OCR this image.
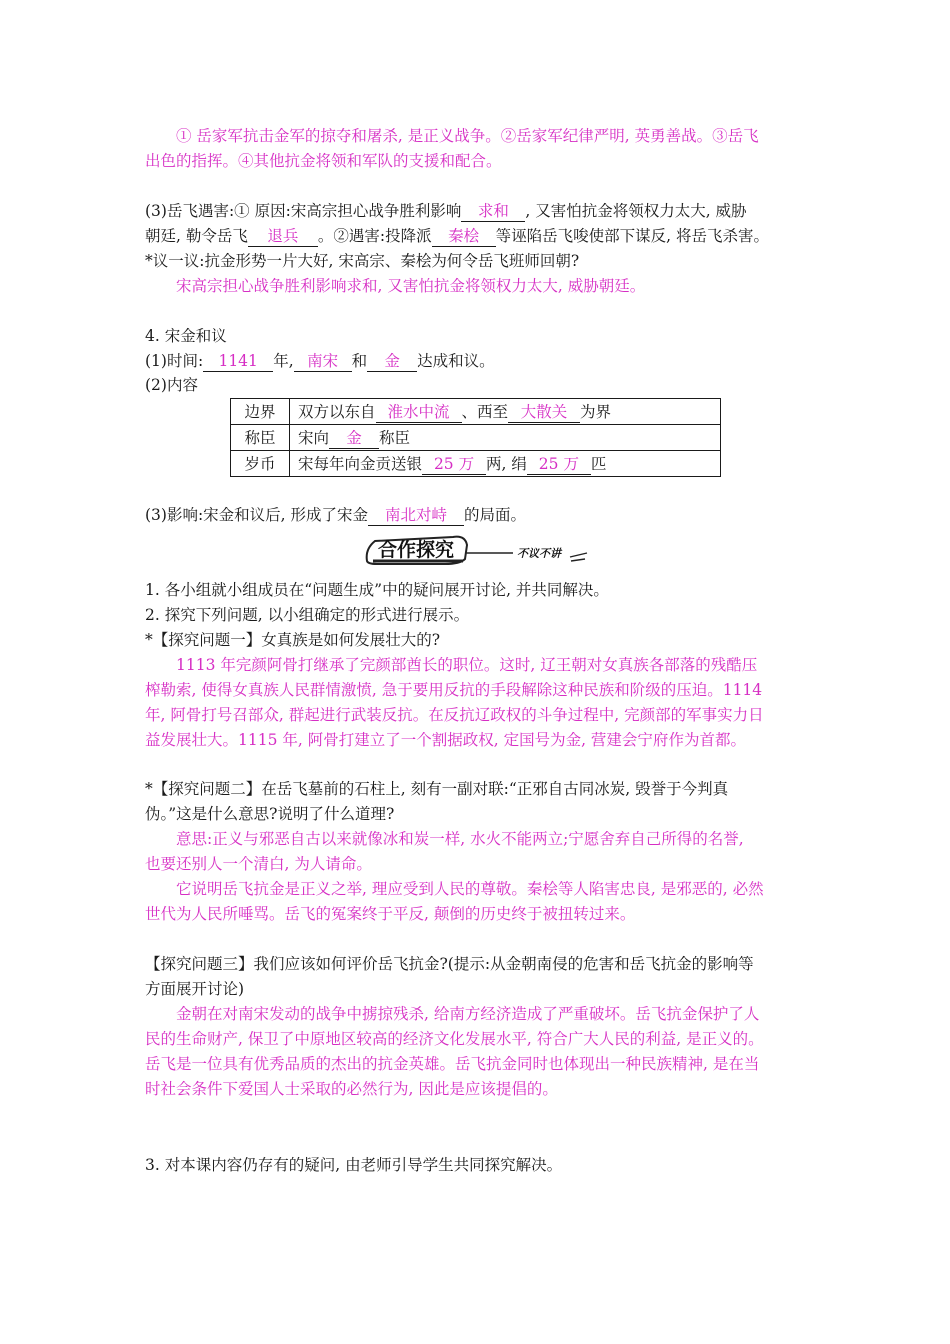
① 岳家军抗击金军的掠夺和屠杀, 是正义战争。②岳家军纪律严明, 英勇善战。③岳飞
出色的指挥。④其他抗金将领和军队的支援和配合。
(3)岳飞遇害:① 原因:宋高宗担心战争胜利影响 求和 , 又害怕抗金将领权力太大, 威胁
朝廷, 勒令岳飞 退兵 。②遇害:投降派 秦桧 等诬陷岳飞唆使部下谋反, 将岳飞杀害。
*议一议:抗金形势一片大好, 宋高宗、秦桧为何令岳飞班师回朝?
宋高宗担心战争胜利影响求和, 又害怕抗金将领权力太大, 威胁朝廷。
4. 宋金和议
(1)时间: 1141 年, 南宋 和 金 达成和议。
(2)内容
边界	双方以东自 淮水中流 、西至 大散关 为界
称臣	宋向 金 称臣
岁币	宋每年向金贡送银 25 万 两, 绢 25 万 匹
(3)影响:宋金和议后, 形成了宋金 南北对峙 的局面。
合作探究	不议不讲
1. 各小组就小组成员在“问题生成”中的疑问展开讨论, 并共同解决。
2. 探究下列问题, 以小组确定的形式进行展示。
*【探究问题一】女真族是如何发展壮大的?
1113 年完颜阿骨打继承了完颜部酋长的职位。这时, 辽王朝对女真族各部落的残酷压
榨勒索, 使得女真族人民群情激愤, 急于要用反抗的手段解除这种民族和阶级的压迫。1114
年, 阿骨打号召部众, 群起进行武装反抗。在反抗辽政权的斗争过程中, 完颜部的军事实力日
益发展壮大。1115 年, 阿骨打建立了一个割据政权, 定国号为金, 营建会宁府作为首都。
*【探究问题二】在岳飞墓前的石柱上, 刻有一副对联:“正邪自古同冰炭, 毁誉于今判真
伪。”这是什么意思?说明了什么道理?
意思:正义与邪恶自古以来就像冰和炭一样, 水火不能两立;宁愿舍弃自己所得的名誉,
也要还别人一个清白, 为人请命。
它说明岳飞抗金是正义之举, 理应受到人民的尊敬。秦桧等人陷害忠良, 是邪恶的, 必然
世代为人民所唾骂。岳飞的冤案终于平反, 颠倒的历史终于被扭转过来。
【探究问题三】我们应该如何评价岳飞抗金?(提示:从金朝南侵的危害和岳飞抗金的影响等
方面展开讨论)
金朝在对南宋发动的战争中掳掠残杀, 给南方经济造成了严重破坏。岳飞抗金保护了人
民的生命财产, 保卫了中原地区较高的经济文化发展水平, 符合广大人民的利益, 是正义的。
岳飞是一位具有优秀品质的杰出的抗金英雄。岳飞抗金同时也体现出一种民族精神, 是在当
时社会条件下爱国人士采取的必然行为, 因此是应该提倡的。
3. 对本课内容仍存有的疑问, 由老师引导学生共同探究解决。
